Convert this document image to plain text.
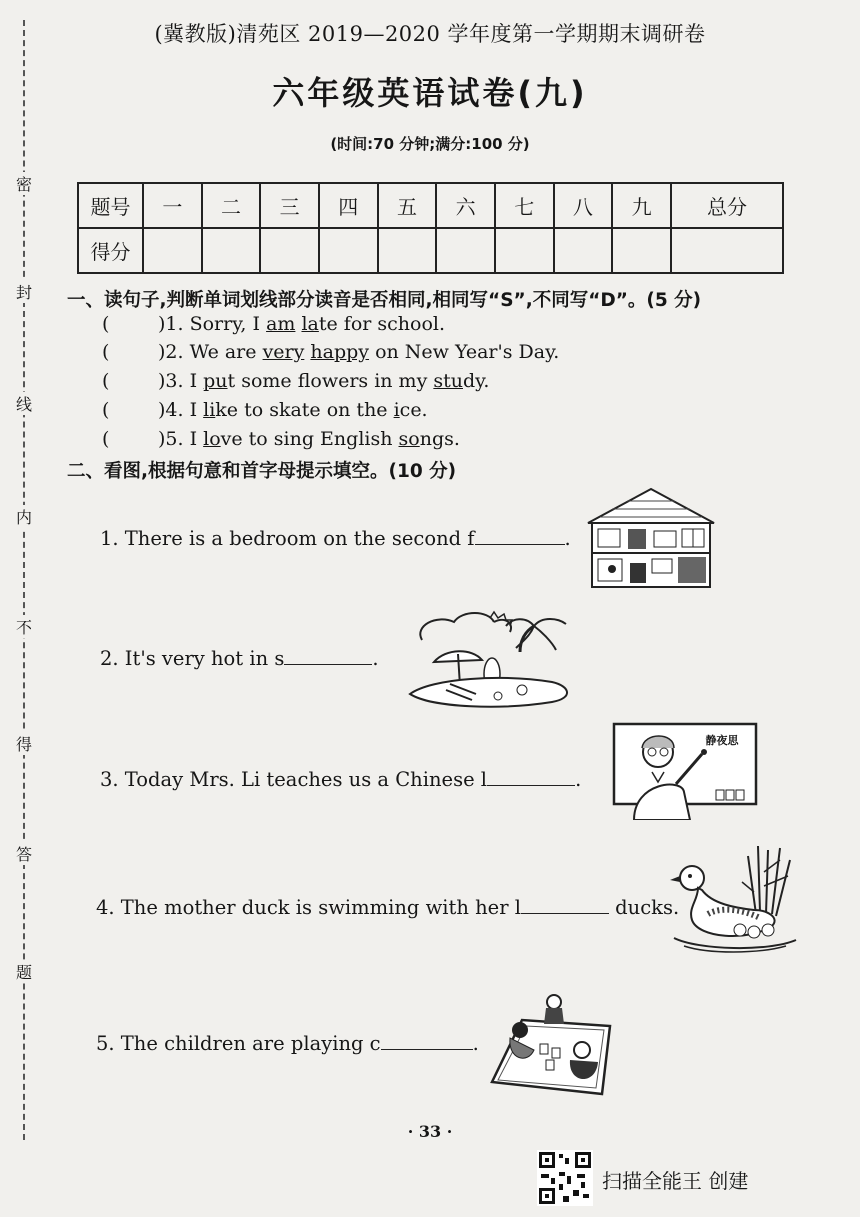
密
封
线
内
不
得
答
题
(冀教版)清苑区 2019—2020 学年度第一学期期末调研卷
六年级英语试卷(九)
(时间:70 分钟;满分:100 分)
题号	一	二	三	四	五	六	七	八	九	总分
得分										
一、读句子,判断单词划线部分读音是否相同,相同写“S”,不同写“D”。(5 分)
(	)1. Sorry, I am late for school.
(	)2. We are very happy on New Year's Day.
(	)3. I put some flowers in my study.
(	)4. I like to skate on the ice.
(	)5. I love to sing English songs.
二、看图,根据句意和首字母提示填空。(10 分)
1. There is a bedroom on the second f	.
2. It's very hot in s	.
3. Today Mrs. Li teaches us a Chinese l	.
4. The mother duck is swimming with her l	ducks.
5. The children are playing c	.
静夜思
· 33 ·
扫描全能王 创建
